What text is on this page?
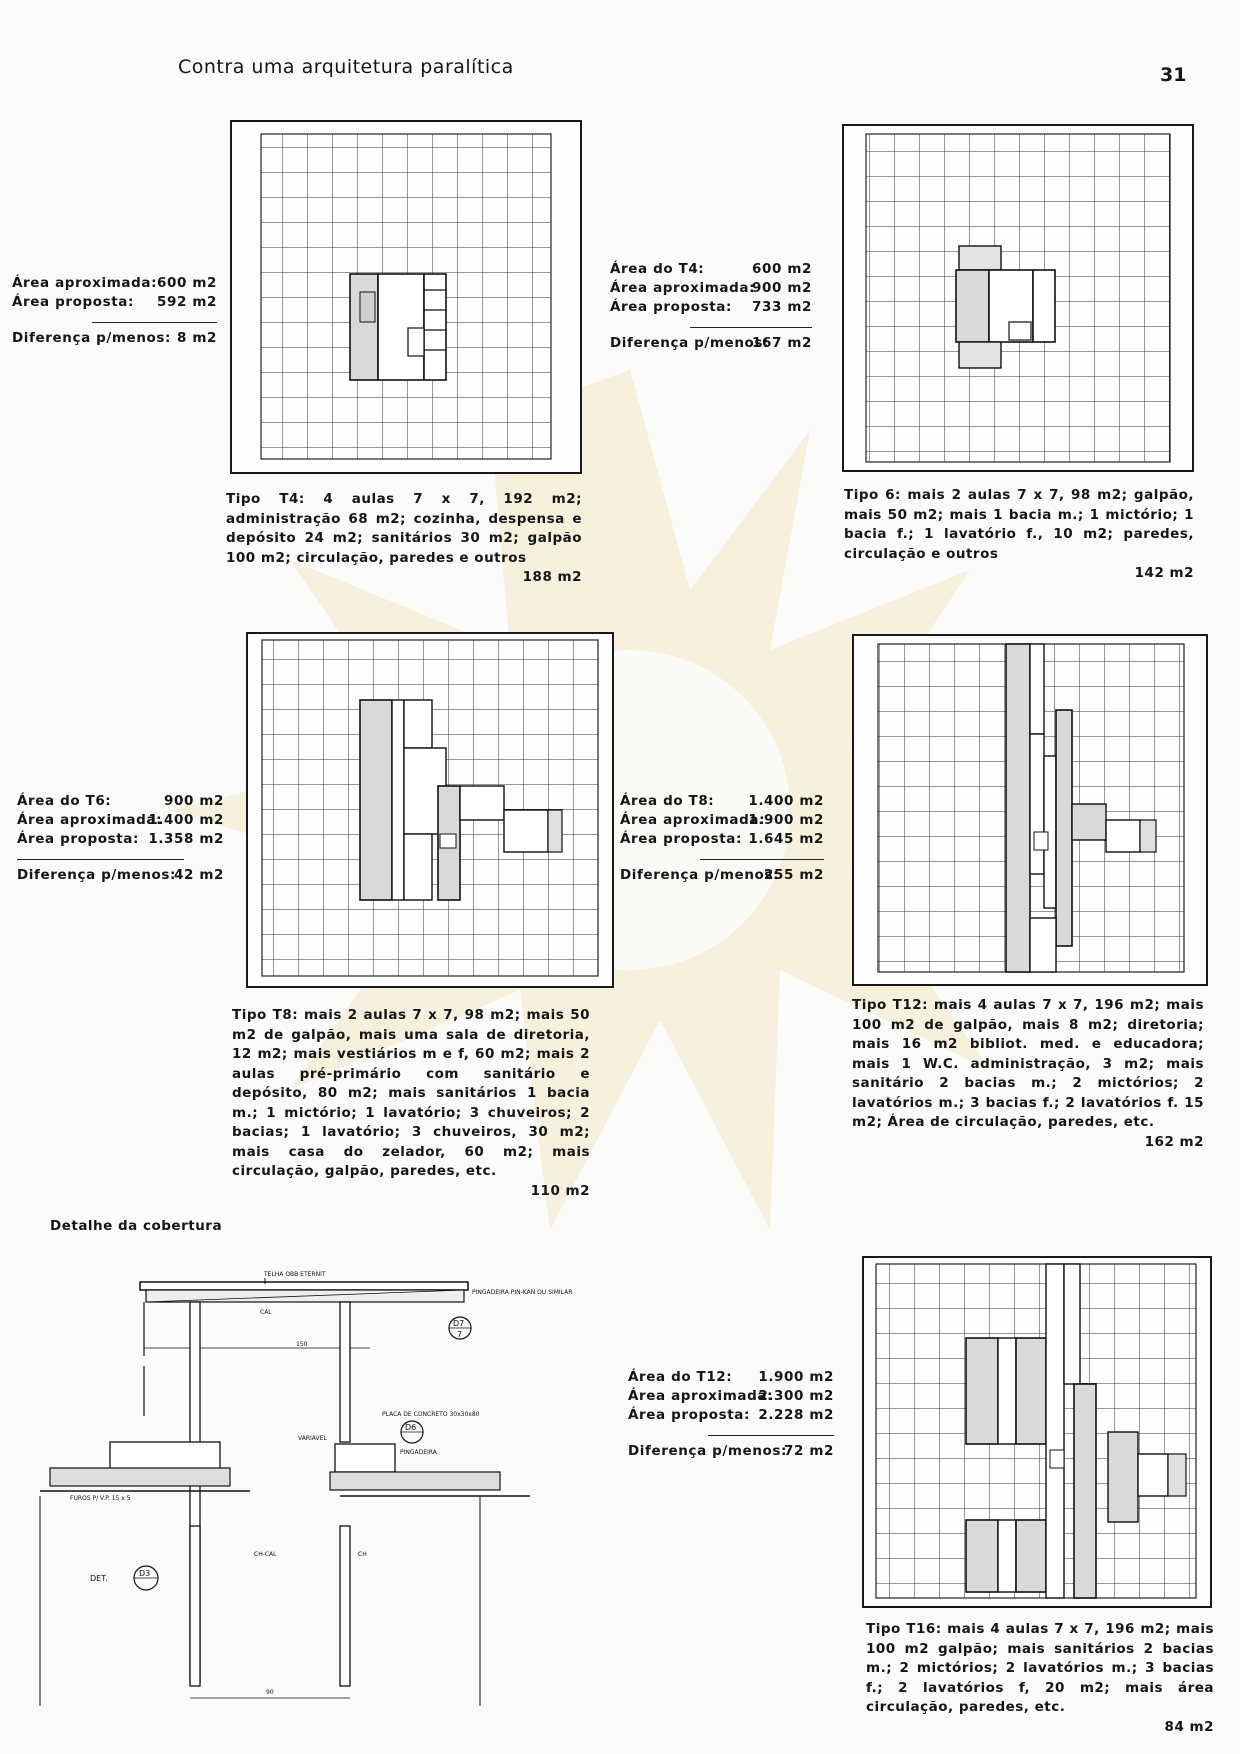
Contra uma arquitetura paralítica	31
Área aproximada: 600 m2
Área proposta: 592 m2
Diferença p/menos: 8 m2
Tipo T4: 4 aulas 7 x 7, 192 m2; administração 68 m2; cozinha, despensa e depósito 24 m2; sanitários 30 m2; galpão 100 m2; circulação, paredes e outros
188 m2
Área do T4:	600 m2
Área aproximada:
900 m2
Área proposta: 733 m2
Diferença p/menos:
167 m2
Tipo 6: mais 2 aulas 7 x 7, 98 m2; galpão, mais 50 m2; mais 1 bacia m.; 1 mictório; 1 bacia f.; 1 lavatório f., 10 m2; paredes, circulação e outros
142 m2
Área do T6:	900 m2
Área aproximada:
1.400 m2
Área proposta: 1.358 m2
Diferença p/menos:
42 m2
Tipo T8: mais 2 aulas 7 x 7, 98 m2; mais 50 m2 de galpão, mais uma sala de diretoria, 12 m2; mais vestiários m e f, 60 m2; mais 2 aulas pré-primário com sanitário e depósito, 80 m2; mais sanitários 1 bacia m.; 1 mictório; 1 lavatório; 3 chuveiros; 2 bacias; 1 lavatório; 3 chuveiros, 30 m2; mais casa do zelador, 60 m2; mais circulação, galpão, paredes, etc.
110 m2
Área do T8:	1.400 m2
Área aproximada:
1.900 m2
Área proposta: 1.645 m2
Diferença p/menos:
255 m2
Tipo T12: mais 4 aulas 7 x 7, 196 m2; mais 100 m2 de galpão, mais 8 m2; diretoria; mais 16 m2 bibliot. med. e educadora; mais 1 W.C. administração, 3 m2; mais sanitário 2 bacias m.; 2 mictórios; 2 lavatórios m.; 3 bacias f.; 2 lavatórios f. 15 m2; Área de circulação, paredes, etc.
162 m2
Área do T12: 1.900 m2
Área aproximada:
2.300 m2
Área proposta: 2.228 m2
Diferença p/menos:
72 m2
Tipo T16: mais 4 aulas 7 x 7, 196 m2; mais 100 m2 galpão; mais sanitários 2 bacias m.; 2 mictórios; 2 lavatórios m.; 3 bacias f.; 2 lavatórios f, 20 m2; mais área circulação, paredes, etc.
84 m2
Detalhe da cobertura
TELHA OBB ETERNIT
PINGADEIRA PIN-KAN OU SIMILAR
CAL
150
D7
7
FUROS P/ V.P. 15 x 5
PLACA DE CONCRETO 30x30x80
PINGADEIRA
VARIAVEL
D6
CH-CAL	CH
DET.
D3
90
